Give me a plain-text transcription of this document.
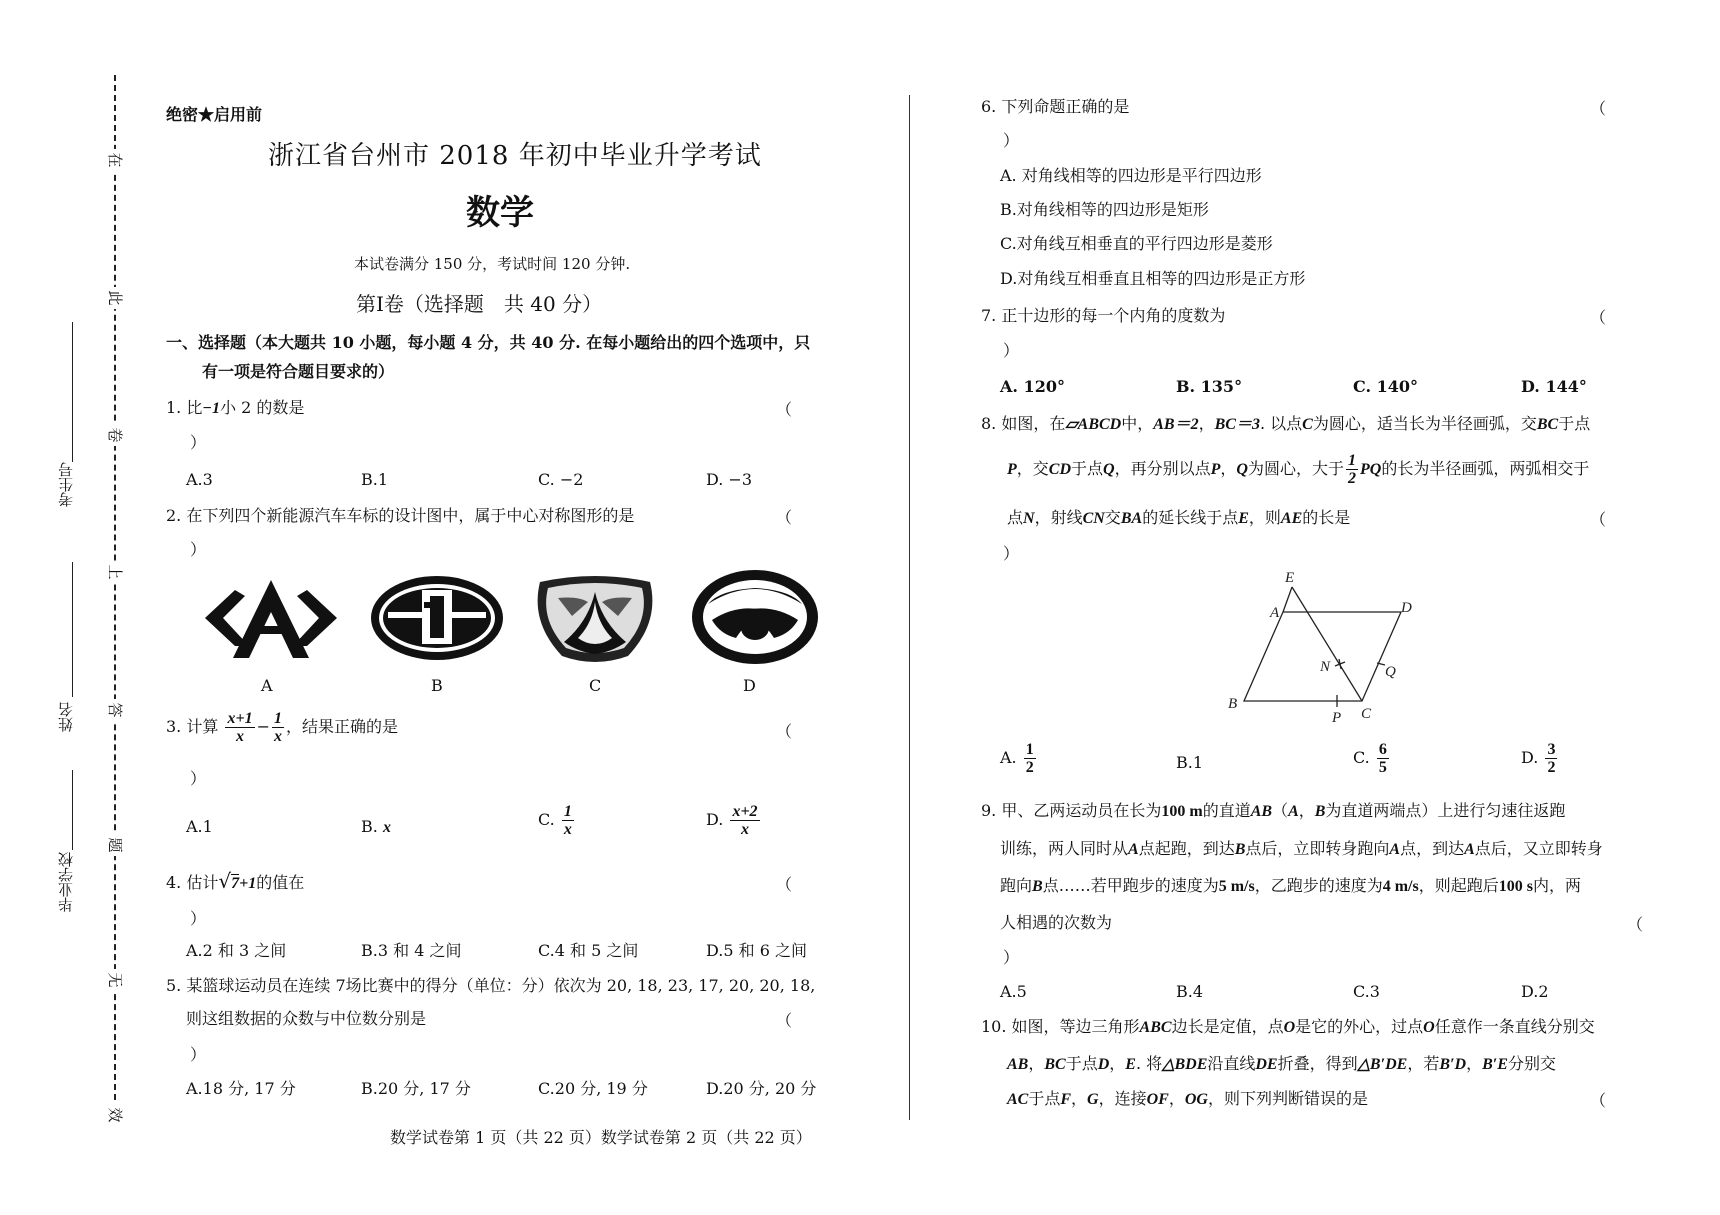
在
此
卷
上
答
题
无
效
考生号
姓名
毕业学校
绝密★启用前
浙江省台州市 2018 年初中毕业升学考试
数学
本试卷满分 150 分，考试时间 120 分钟.
第Ⅰ卷（选择题　共 40 分）
一、选择题（本大题共 10 小题，每小题 4 分，共 40 分. 在每小题给出的四个选项中，只
有一项是符合题目要求的）
1. 比−1小 2 的数是	（
）
A.3	B.1	C. −2	D. −3
2. 在下列四个新能源汽车车标的设计图中，属于中心对称图形的是	（
）
A	B	C	D
3. 计算 $\frac{x+1}{x} - \frac{1}{x}$ ，结果正确的是	（
）
A.1	B. x	C. $\frac{1}{x}$	D. $\frac{x+2}{x}$
4. 估计√7+1的值在	（
）
A.2 和 3 之间	B.3 和 4 之间	C.4 和 5 之间	D.5 和 6 之间
5. 某篮球运动员在连续 7场比赛中的得分（单位：分）依次为 20, 18, 23, 17, 20, 20, 18,
则这组数据的众数与中位数分别是	（
）
A.18 分, 17 分	B.20 分, 17 分	C.20 分, 19 分	D.20 分, 20 分
数学试卷第 1 页（共 22 页）数学试卷第 2 页（共 22 页）
6. 下列命题正确的是	（
）
A. 对角线相等的四边形是平行四边形
B.对角线相等的四边形是矩形
C.对角线互相垂直的平行四边形是菱形
D.对角线互相垂直且相等的四边形是正方形
7. 正十边形的每一个内角的度数为	（
）
A. 120°	B. 135°	C. 140°	D. 144°
8. 如图，在▱ABCD中，AB＝2，BC＝3. 以点C为圆心，适当长为半径画弧，交BC于点
P，交CD于点Q，再分别以点P，Q为圆心，大于 $\frac{1}{2}$ PQ的长为半径画弧，两弧相交于
点N，射线CN交BA的延长线于点E，则AE的长是	（
）
E
A	D
N	Q
B
P C
A. $\frac{1}{2}$	B.1	C. $\frac{6}{5}$	D. $\frac{3}{2}$
9. 甲、乙两运动员在长为100 m的直道AB（A，B为直道两端点）上进行匀速往返跑
训练，两人同时从A点起跑，到达B点后，立即转身跑向A点，到达A点后，又立即转身
跑向B点……若甲跑步的速度为5 m/s，乙跑步的速度为4 m/s，则起跑后100 s内，两
人相遇的次数为	（
）
A.5	B.4	C.3	D.2
10. 如图，等边三角形ABC边长是定值，点O是它的外心，过点O任意作一条直线分别交
AB，BC于点D，E. 将△BDE沿直线DE折叠，得到△B′DE，若B′D，B′E分别交
AC于点F，G，连接OF，OG，则下列判断错误的是	（
